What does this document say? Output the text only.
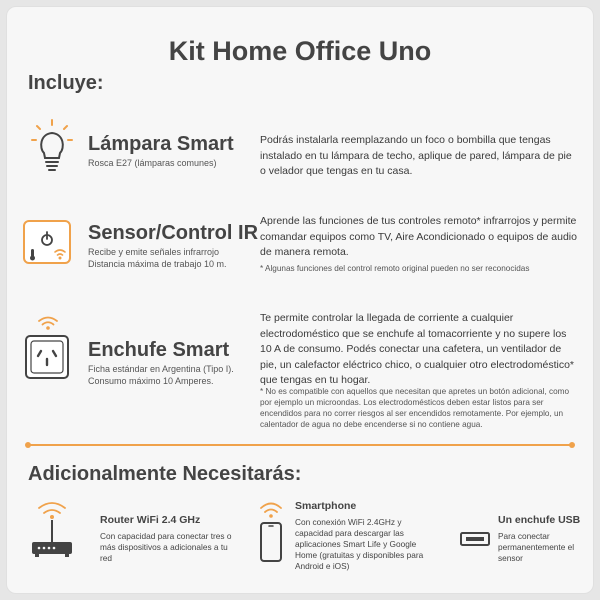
Kit Home Office Uno
Incluye:
Lámpara Smart
Rosca E27 (lámparas comunes)
Podrás instalarla reemplazando un foco o bombilla que tengas instalado en tu lámpara de techo, aplique de pared, lámpara de pie o velador que tengas en tu casa.
Sensor/Control IR
Recibe y emite señales infrarrojo
Distancia máxima de trabajo 10 m.
Aprende las funciones de tus controles remoto* infrarrojos y permite comandar equipos como TV, Aire Acondicionado o equipos de audio de manera remota.
* Algunas funciones del control remoto original pueden no ser reconocidas
Enchufe Smart
Ficha estándar en Argentina (Tipo I).
Consumo máximo 10 Amperes.
Te permite controlar la llegada de corriente a cualquier electrodoméstico que se enchufe al tomacorriente y no supere los 10 A de consumo. Podés conectar una cafetera, un ventilador de pie, un calefactor eléctrico chico, o cualquier otro electrodoméstico* que tengas en tu hogar.
* No es compatible con aquellos que necesitan que apretes un botón adicional, como por ejemplo un microondas. Los electrodomésticos deben estar listos para ser encendidos para no correr riesgos al ser encendidos remotamente. Por ejemplo, un calentador de agua no debe encenderse si no contiene agua.
Adicionalmente Necesitarás:
Router WiFi 2.4 GHz
Con capacidad para conectar tres o más dispositivos a adicionales a tu red
Smartphone
Con conexión WiFi 2.4GHz y capacidad para descargar las aplicaciones Smart Life y Google Home (gratuitas y disponibles para Android e iOS)
Un enchufe USB
Para conectar permanentemente el sensor
